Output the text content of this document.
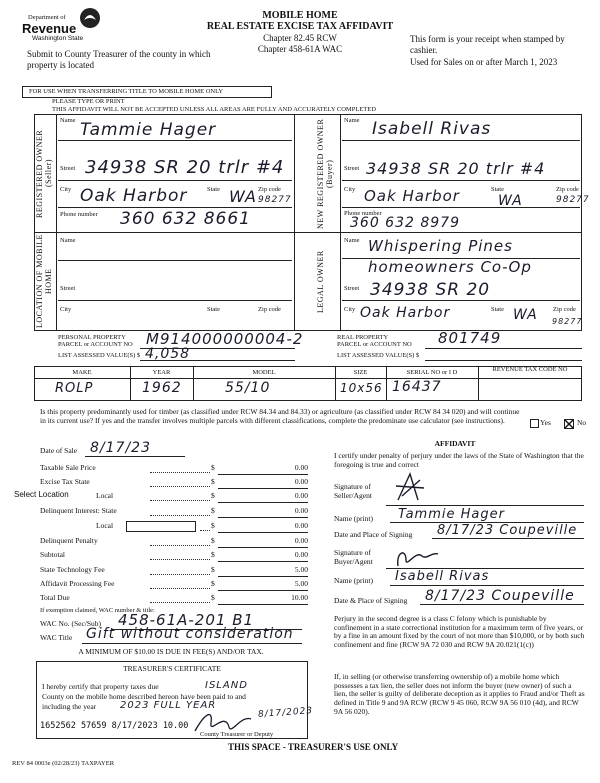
Department of
Revenue
Washington State
Submit to County Treasurer of the county in which property is located
MOBILE HOME
REAL ESTATE EXCISE TAX AFFIDAVIT
Chapter 82.45 RCW
Chapter 458-61A WAC
This form is your receipt when stamped by cashier.
Used for Sales on or after March 1, 2023
FOR USE WHEN TRANSFERRING TITLE TO MOBILE HOME ONLY
PLEASE TYPE OR PRINT
THIS AFFIDAVIT WILL NOT BE ACCEPTED UNLESS ALL AREAS ARE FULLY AND ACCURATELY COMPLETED
REGISTERED OWNER (Seller)
Name Tammie Hager
Street 34938 SR 20 trlr #4
City Oak Harbor	State WA Zip code
98277
Phone number 360 632 8661	NEW REGISTERED OWNER (Buyer)
Name Isabell Rivas
Street 34938 SR 20 trlr #4
City Oak Harbor	State
WA
Zip code
98277
Phone number
360 632 8979
LOCATION OF MOBILE HOME
Name
Street
City	State	Zip code	LEGAL OWNER
Name Whispering Pines
homeowners Co-Op
Street 34938 SR 20
City Oak Harbor	State WA Zip code
98277
PERSONAL PROPERTY
PARCEL or ACCOUNT NO M914000000004-2
LIST ASSESSED VALUE(S) $ 4,058
REAL PROPERTY
PARCEL or ACCOUNT NO 801749
LIST ASSESSED VALUE(S) $
MAKE	YEAR	MODEL	SIZE	SERIAL NO or I D	REVENUE TAX CODE NO
ROLP	1962	55/10	10x56 16437
Is this property predominantly used for timber (as classified under RCW 84.34 and 84.33) or agriculture (as classified under RCW 84 34 020) and will continue in its current use? If yes and the transfer involves multiple parcels with different classifications, complete the predominate use calculator (see instructions).	Yes	No
Date of Sale 8/17/23
Taxable Sale Price	$	0.00
Excise Tax State	$	0.00
Local	$	0.00
Delinquent Interest: State	$	0.00
Local	$	0.00
Delinquent Penalty	$	0.00
Subtotal	$	0.00
State Technology Fee	$	5.00
Affidavit Processing Fee	$	5.00
Total Due	$	10.00
Select Location
If exemption claimed, WAC number & title:
WAC No. (Sec/Sub) 458-61A-201 B1
WAC Title Gift without consideration
A MINIMUM OF $10.00 IS DUE IN FEE(S) AND/OR TAX.
TREASURER'S CERTIFICATE
I hereby certify that property taxes due	ISLAND
County on the mobile home described hereon have been paid to and
including the year 2023 FULL YEAR
8/17/2023
1652562 57659 8/17/2023 10.00
County Treasurer or Deputy
THIS SPACE - TREASURER'S USE ONLY
AFFIDAVIT
I certify under penalty of perjury under the laws of the State of Washington that the foregoing is true and correct
Signature of Seller/Agent
Name (print) Tammie Hager
Date and Place of Signing 8/17/23 Coupeville
Signature of Buyer/Agent
Name (print) Isabell Rivas
Date & Place of Signing 8/17/23 Coupeville
Perjury in the second degree is a class C felony which is punishable by confinement in a state correctional institution for a maximum term of five years, or by a fine in an amount fixed by the court of not more than $10,000, or by both such confinement and fine (RCW 9A 72 030 and RCW 9A 20.021(1(c))
If, in selling (or otherwise transferring ownership of) a mobile home which possesses a tax lien, the seller does not inform the buyer (new owner) of such a lien, the seller is guilty of deliberate deception as it applies to Fraud and/or Theft as defined in Title 9 and 9A RCW (RCW 9 45 060, RCW 9A 56 010 (4d), and RCW 9A 56 020).
REV 84 0003e (02/28/23) TAXPAYER
